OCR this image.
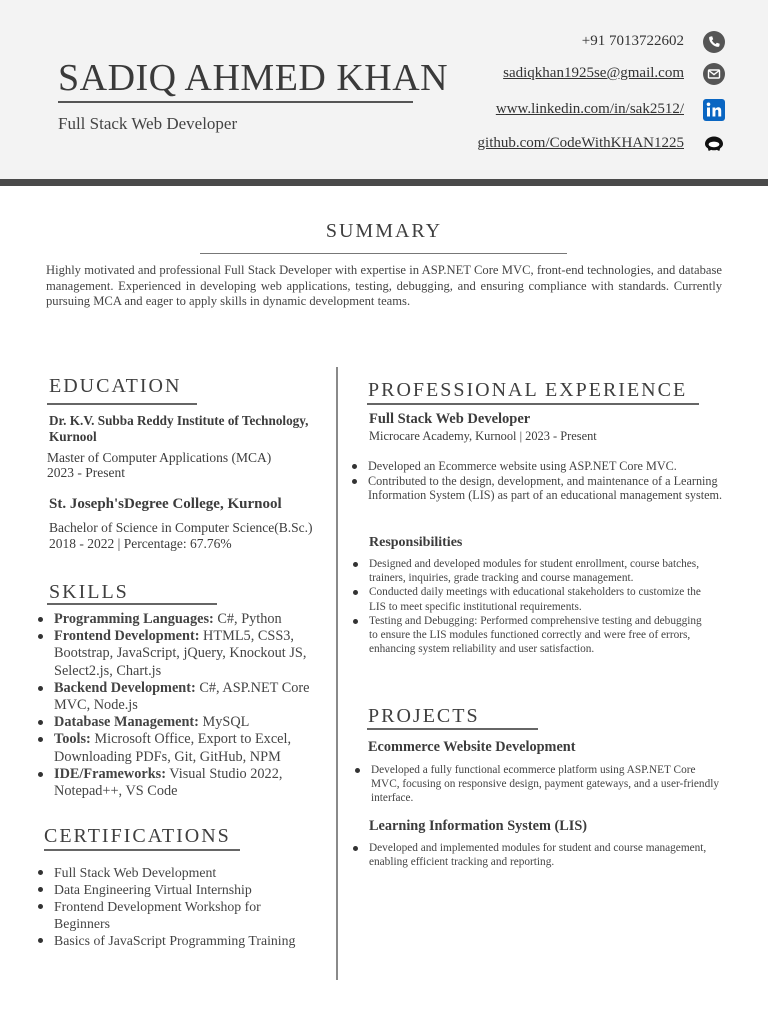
SADIQ AHMED KHAN
Full Stack Web Developer
+91 7013722602
sadiqkhan1925se@gmail.com
www.linkedin.com/in/sak2512/
github.com/CodeWithKHAN1225
SUMMARY
Highly motivated and professional Full Stack Developer with expertise in ASP.NET Core MVC, front-end technologies, and database management. Experienced in developing web applications, testing, debugging, and ensuring compliance with standards. Currently pursuing MCA and eager to apply skills in dynamic development teams.
EDUCATION
Dr. K.V. Subba Reddy Institute of Technology,
Kurnool
Master of Computer Applications (MCA)
2023 - Present
St. Joseph'sDegree College, Kurnool
Bachelor of Science in Computer Science(B.Sc.)
2018 - 2022 | Percentage: 67.76%
SKILLS
Programming Languages: C#, Python
Frontend Development: HTML5, CSS3, Bootstrap, JavaScript, jQuery, Knockout JS, Select2.js, Chart.js
Backend Development: C#, ASP.NET Core MVC, Node.js
Database Management: MySQL
Tools: Microsoft Office, Export to Excel, Downloading PDFs, Git, GitHub, NPM
IDE/Frameworks: Visual Studio 2022, Notepad++, VS Code
CERTIFICATIONS
Full Stack Web Development
Data Engineering Virtual Internship
Frontend Development Workshop for Beginners
Basics of JavaScript Programming Training
PROFESSIONAL EXPERIENCE
Full Stack Web Developer
Microcare Academy, Kurnool | 2023 - Present
Developed an Ecommerce website using ASP.NET Core MVC.
Contributed to the design, development, and maintenance of a Learning Information System (LIS) as part of an educational management system.
Responsibilities
Designed and developed modules for student enrollment, course batches, trainers, inquiries, grade tracking and course management.
Conducted daily meetings with educational stakeholders to customize the LIS to meet specific institutional requirements.
Testing and Debugging: Performed comprehensive testing and debugging to ensure the LIS modules functioned correctly and were free of errors, enhancing system reliability and user satisfaction.
PROJECTS
Ecommerce Website Development
Developed a fully functional ecommerce platform using ASP.NET Core MVC, focusing on responsive design, payment gateways, and a user-friendly interface.
Learning Information System (LIS)
Developed and implemented modules for student and course management, enabling efficient tracking and reporting.
